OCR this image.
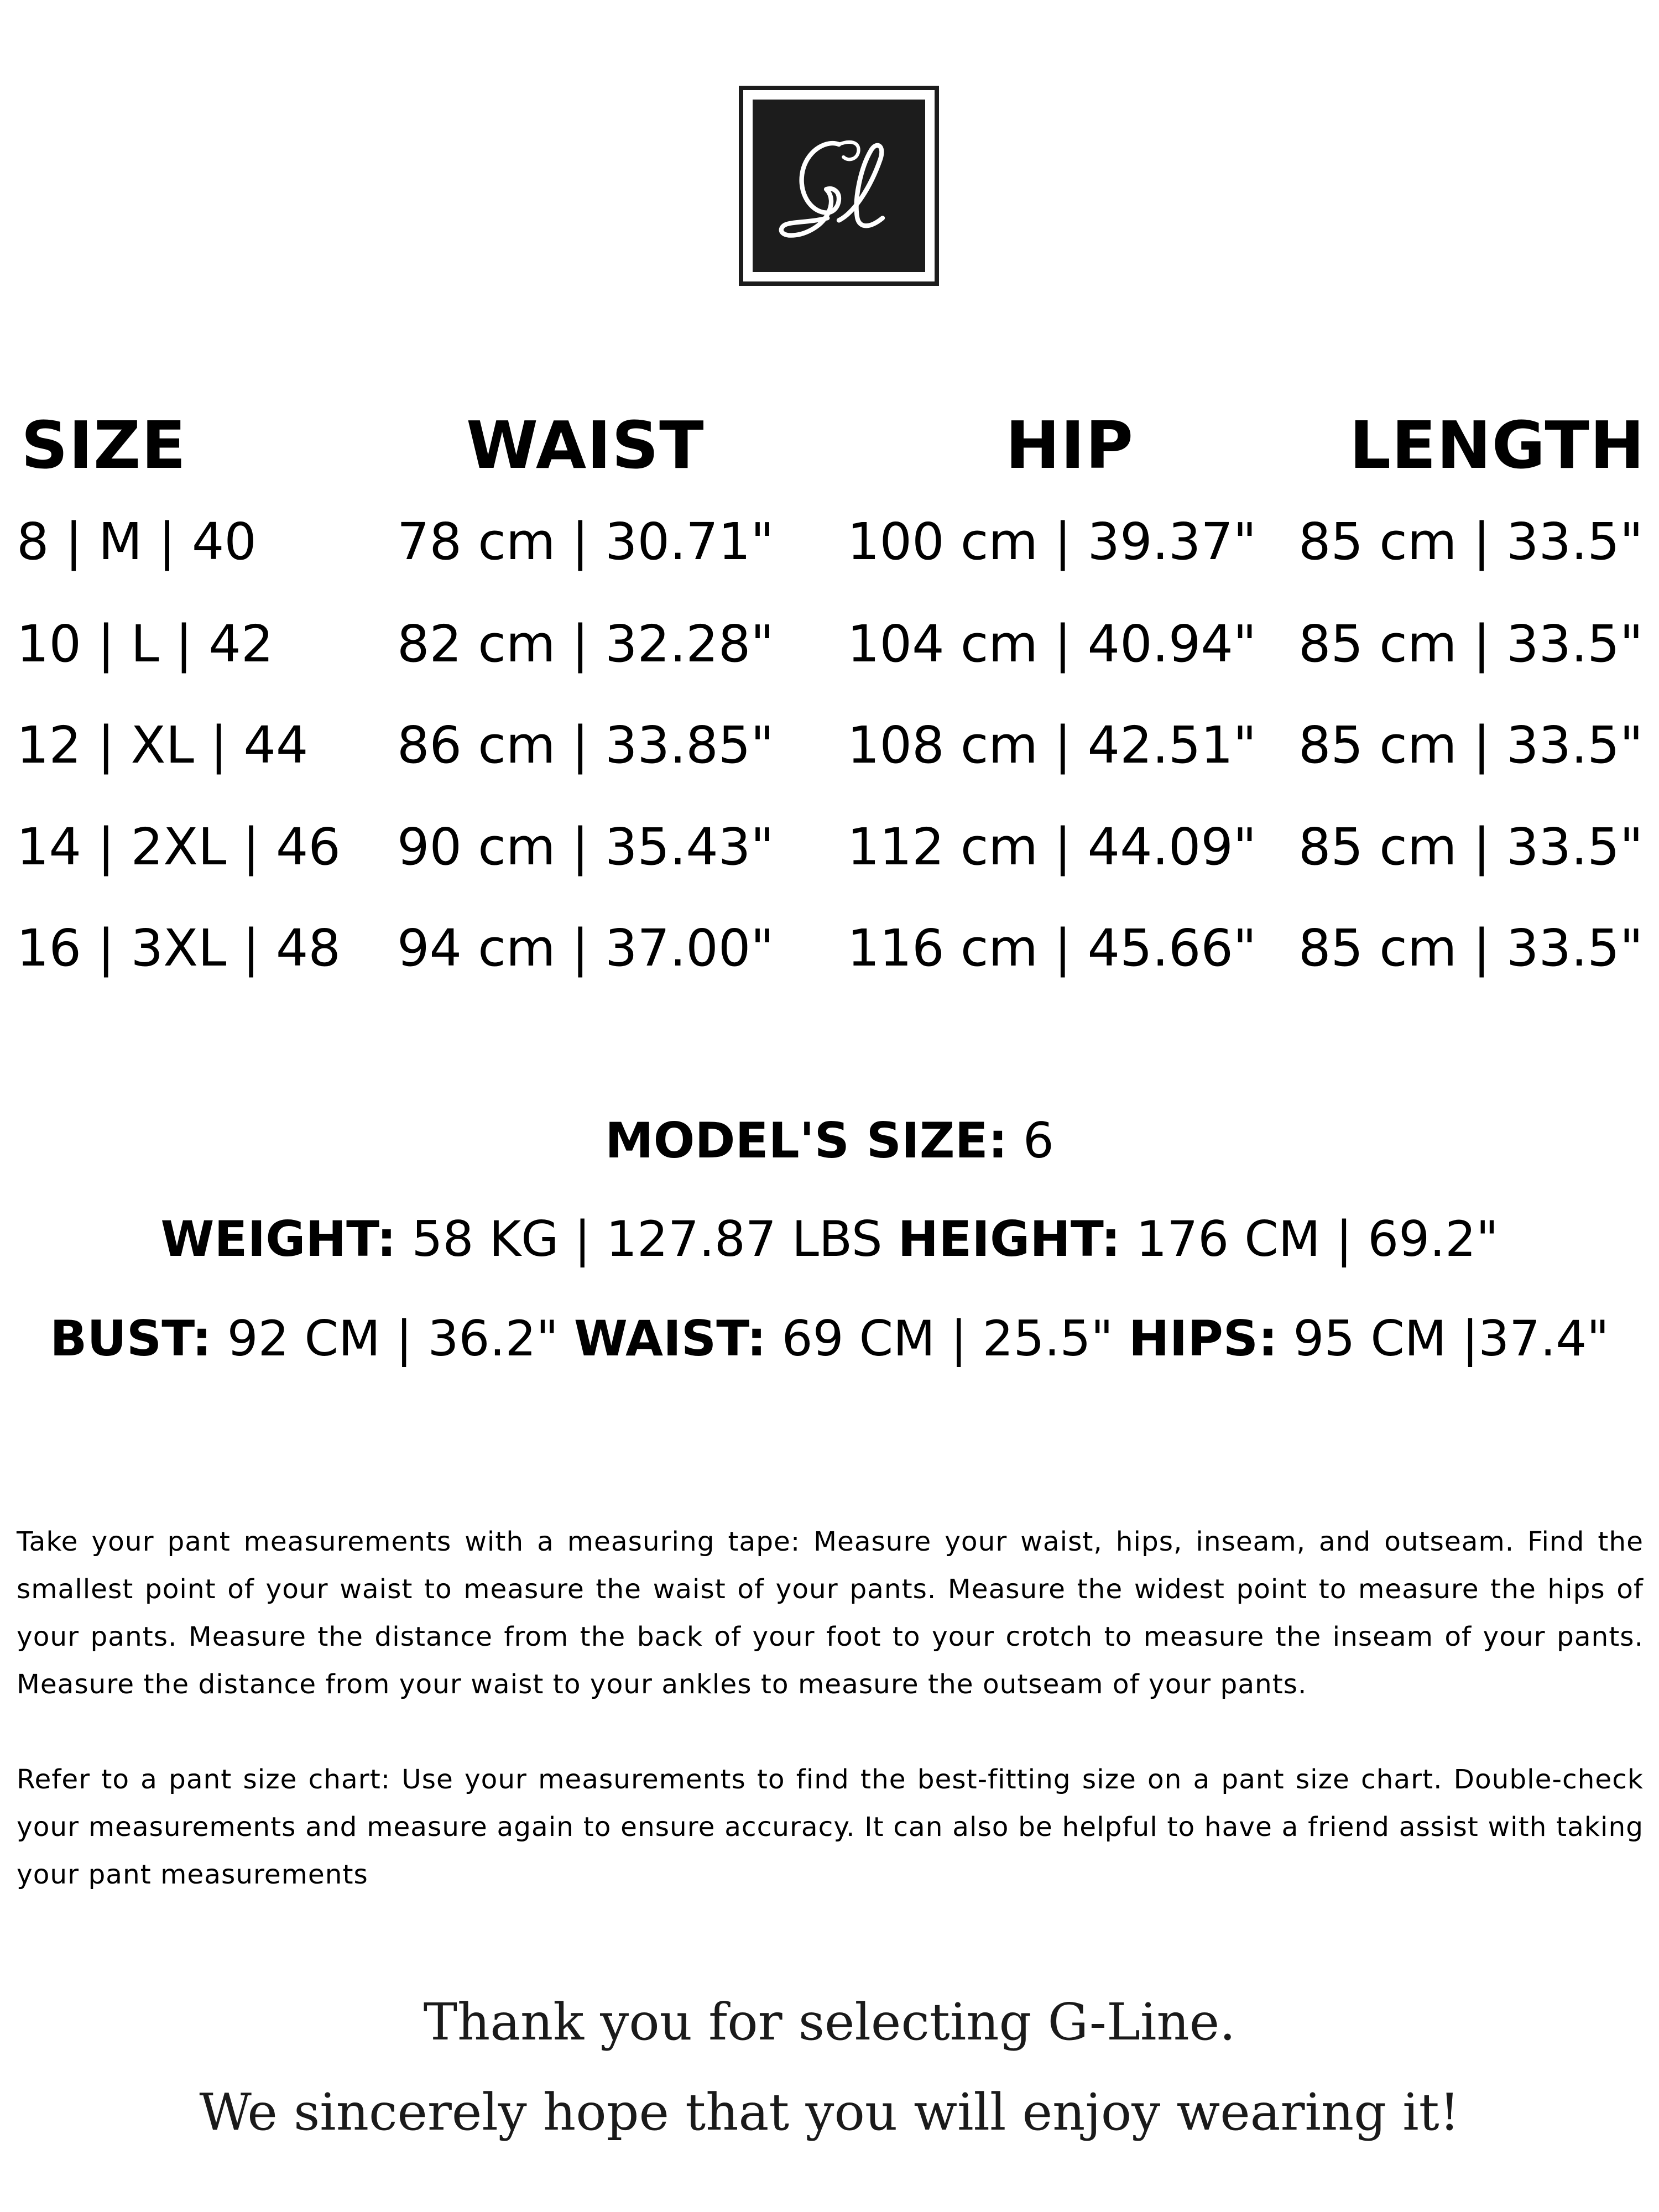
SIZE	WAIST	HIP	LENGTH
8 | M | 40	78 cm | 30.71" 100 cm | 39.37" 85 cm | 33.5"
10 | L | 42 82 cm | 32.28" 104 cm | 40.94" 85 cm | 33.5"
12 | XL | 44 86 cm | 33.85" 108 cm | 42.51" 85 cm | 33.5"
14 | 2XL | 46 90 cm | 35.43" 112 cm | 44.09" 85 cm | 33.5"
16 | 3XL | 48 94 cm | 37.00" 116 cm | 45.66" 85 cm | 33.5"
MODEL'S SIZE: 6
WEIGHT: 58 KG | 127.87 LBS HEIGHT: 176 CM | 69.2"
BUST: 92 CM | 36.2" WAIST: 69 CM | 25.5" HIPS: 95 CM |37.4"

Take your pant measurements with a measuring tape: Measure your waist, hips, inseam, and outseam. Find the smallest point of your waist to measure the waist of your pants. Measure the widest point to measure the hips of your pants. Measure the distance from the back of your foot to your crotch to measure the inseam of your pants. Measure the distance from your waist to your ankles to measure the outseam of your pants.

Refer to a pant size chart: Use your measurements to find the best-fitting size on a pant size chart. Double-check your measurements and measure again to ensure accuracy. It can also be helpful to have a friend assist with taking your pant measurements

Thank you for selecting G-Line.
We sincerely hope that you will enjoy wearing it!
